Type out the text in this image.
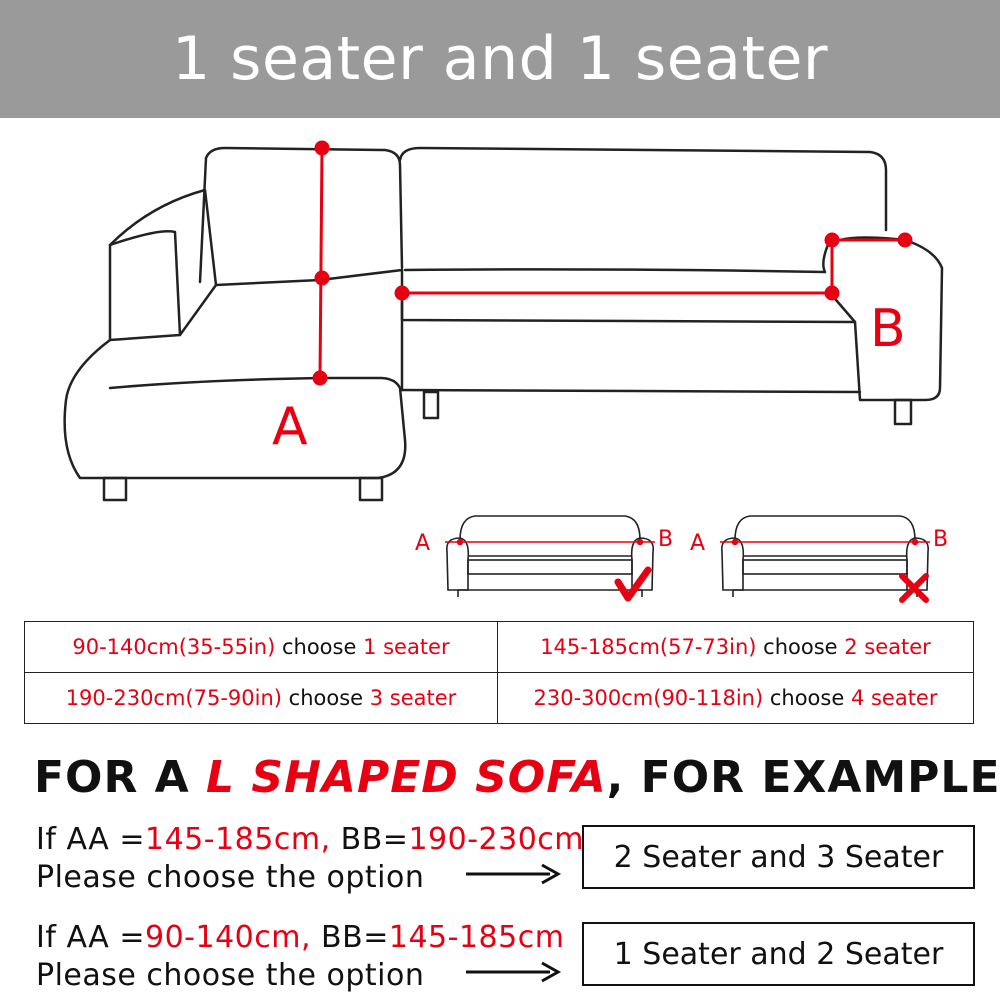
1 seater and 1 seater
A
B
A	B A	B
90-140cm(35-55in) choose 1 seater	145-185cm(57-73in) choose 2 seater
190-230cm(75-90in) choose 3 seater	230-300cm(90-118in) choose 4 seater
FOR A L SHAPED SOFA, FOR EXAMPLE
If AA =145-185cm, BB=190-230cm
Please choose the option
2 Seater and 3 Seater
If AA =90-140cm, BB=145-185cm
Please choose the option
1 Seater and 2 Seater
